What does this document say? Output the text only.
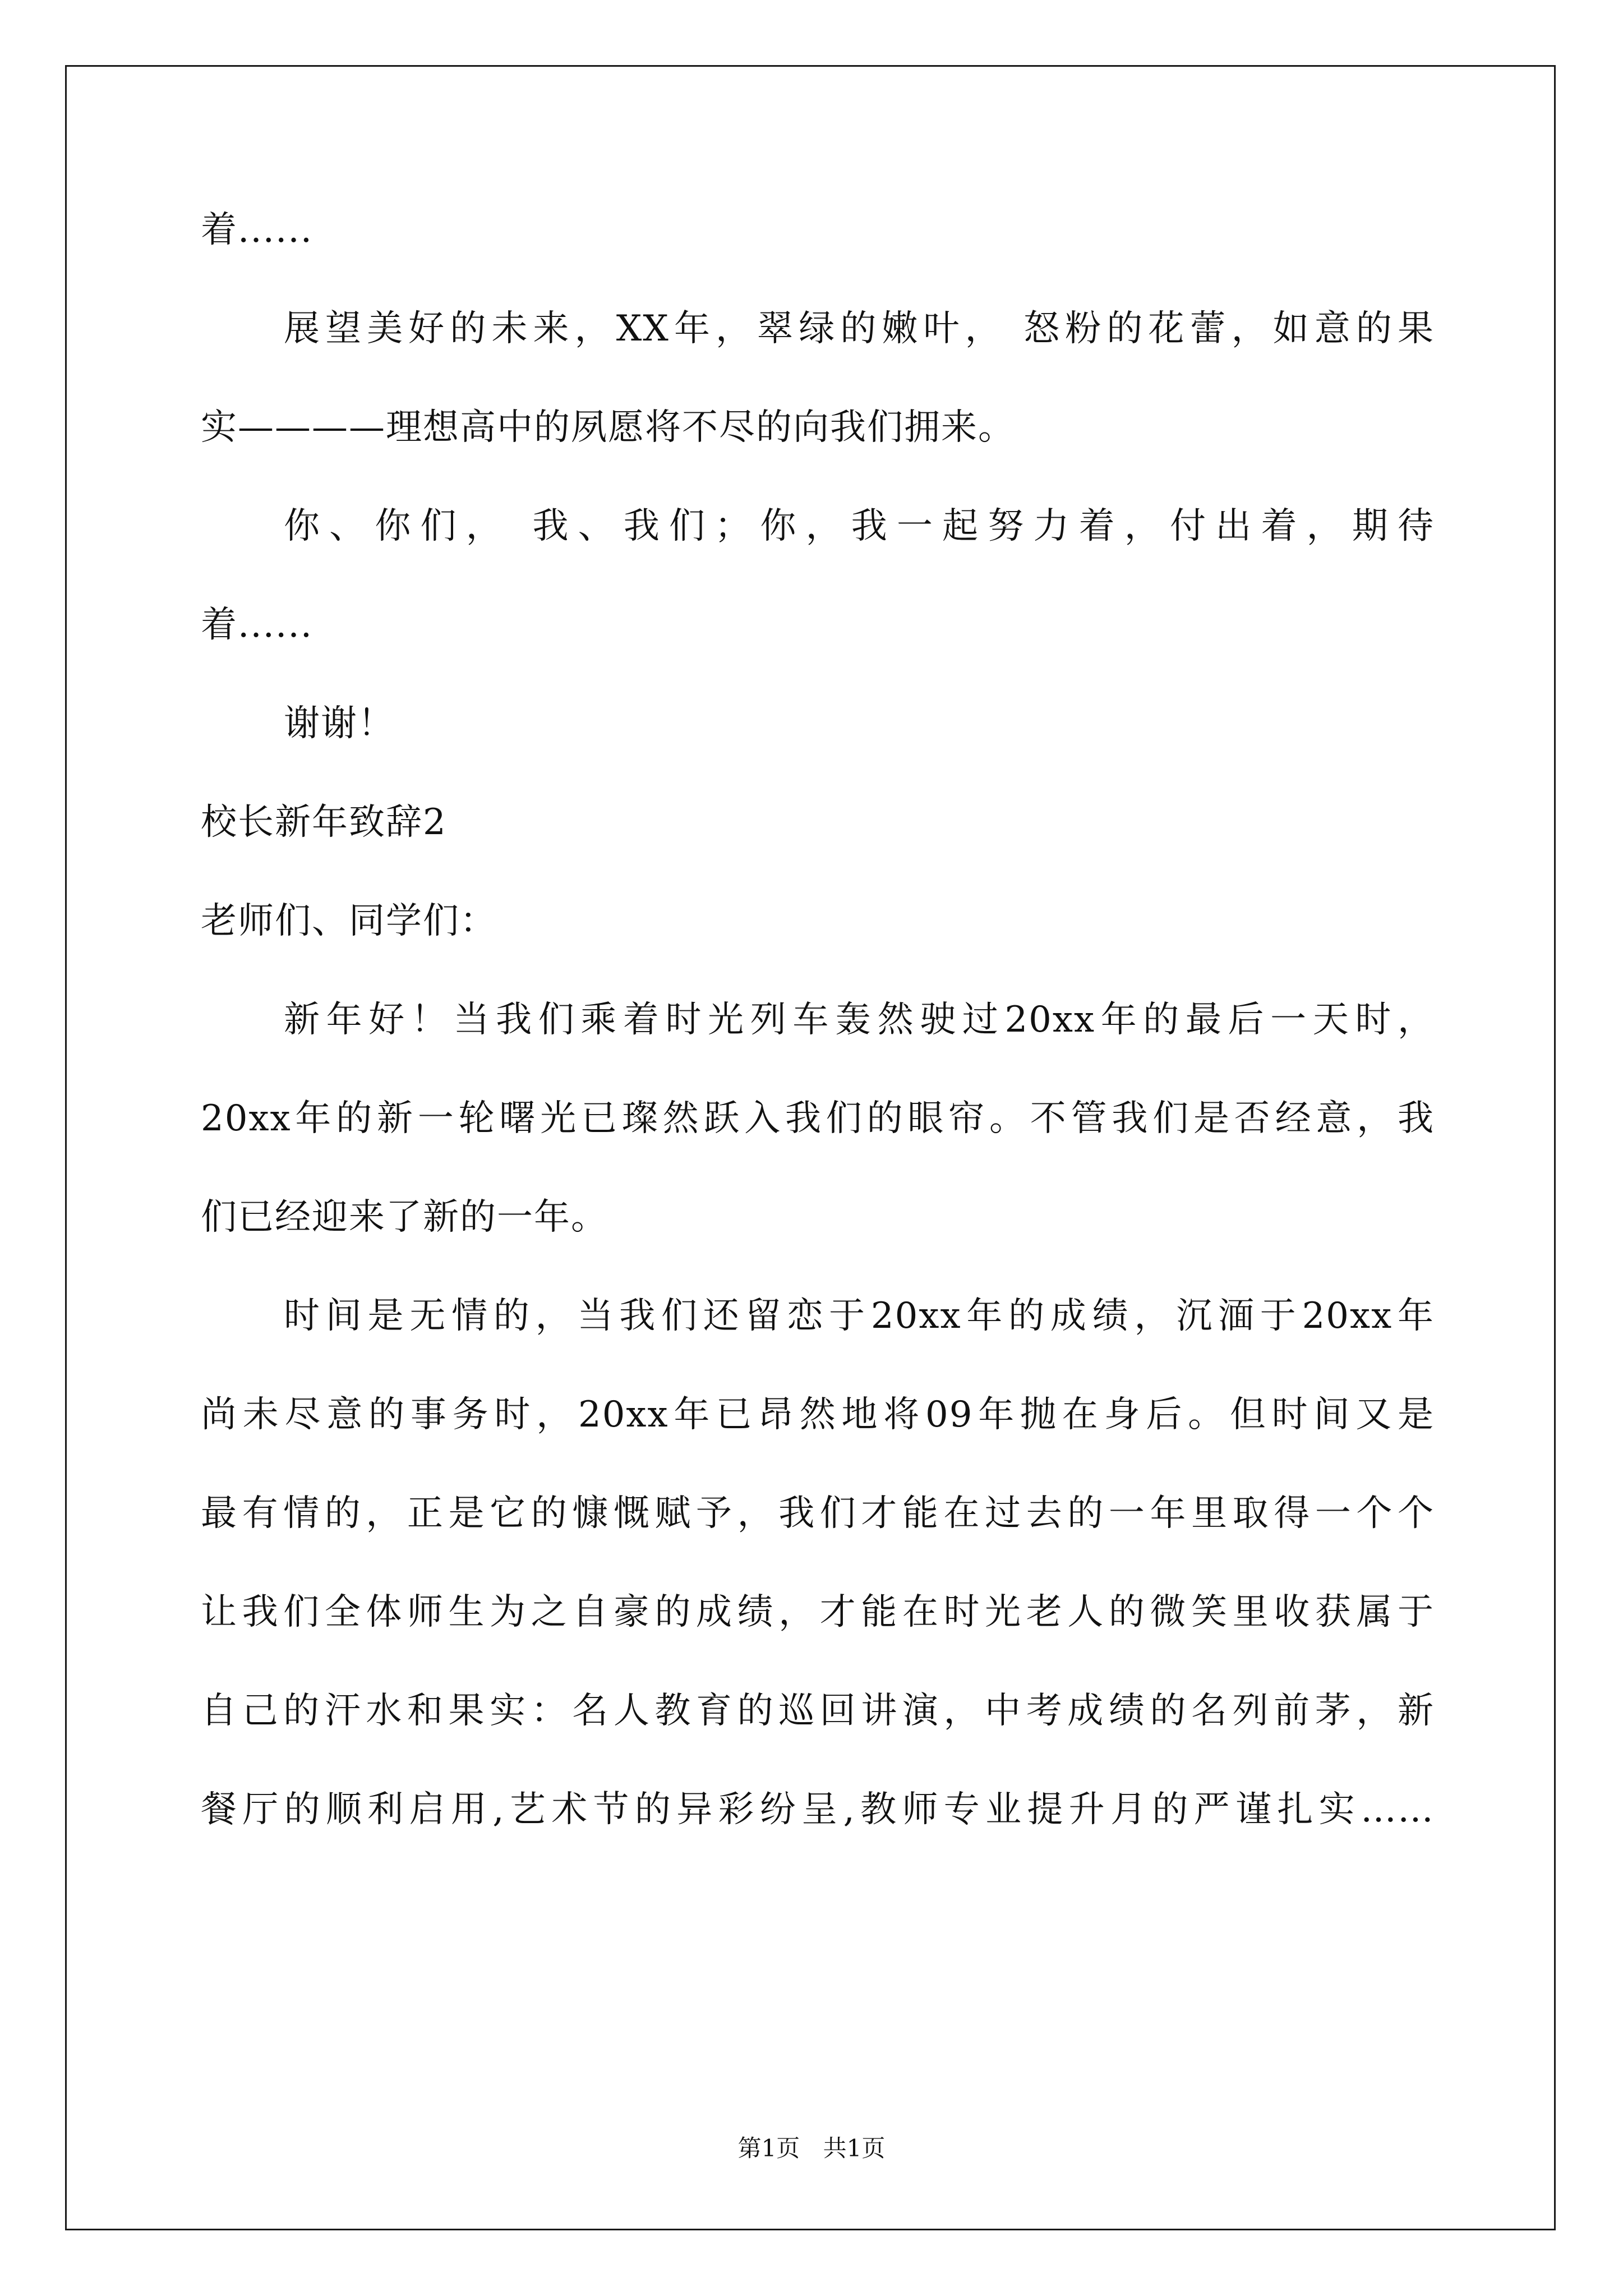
着......
展望美好的未来，XX年，翠绿的嫩叶， 怒粉的花蕾，如意的果
实————理想高中的夙愿将不尽的向我们拥来。
你、你们， 我、我们；你，我一起努力着，付出着，期待
着......
谢谢！
校长新年致辞2
老师们、同学们：
新年好！当我们乘着时光列车轰然驶过20xx年的最后一天时，
20xx年的新一轮曙光已璨然跃入我们的眼帘。不管我们是否经意，我
们已经迎来了新的一年。
时间是无情的，当我们还留恋于20xx年的成绩，沉湎于20xx年
尚未尽意的事务时，20xx年已昂然地将09年抛在身后。但时间又是
最有情的，正是它的慷慨赋予，我们才能在过去的一年里取得一个个
让我们全体师生为之自豪的成绩，才能在时光老人的微笑里收获属于
自己的汗水和果实：名人教育的巡回讲演，中考成绩的名列前茅，新
餐厅的顺利启用,艺术节的异彩纷呈,教师专业提升月的严谨扎实……
第1页 共1页
